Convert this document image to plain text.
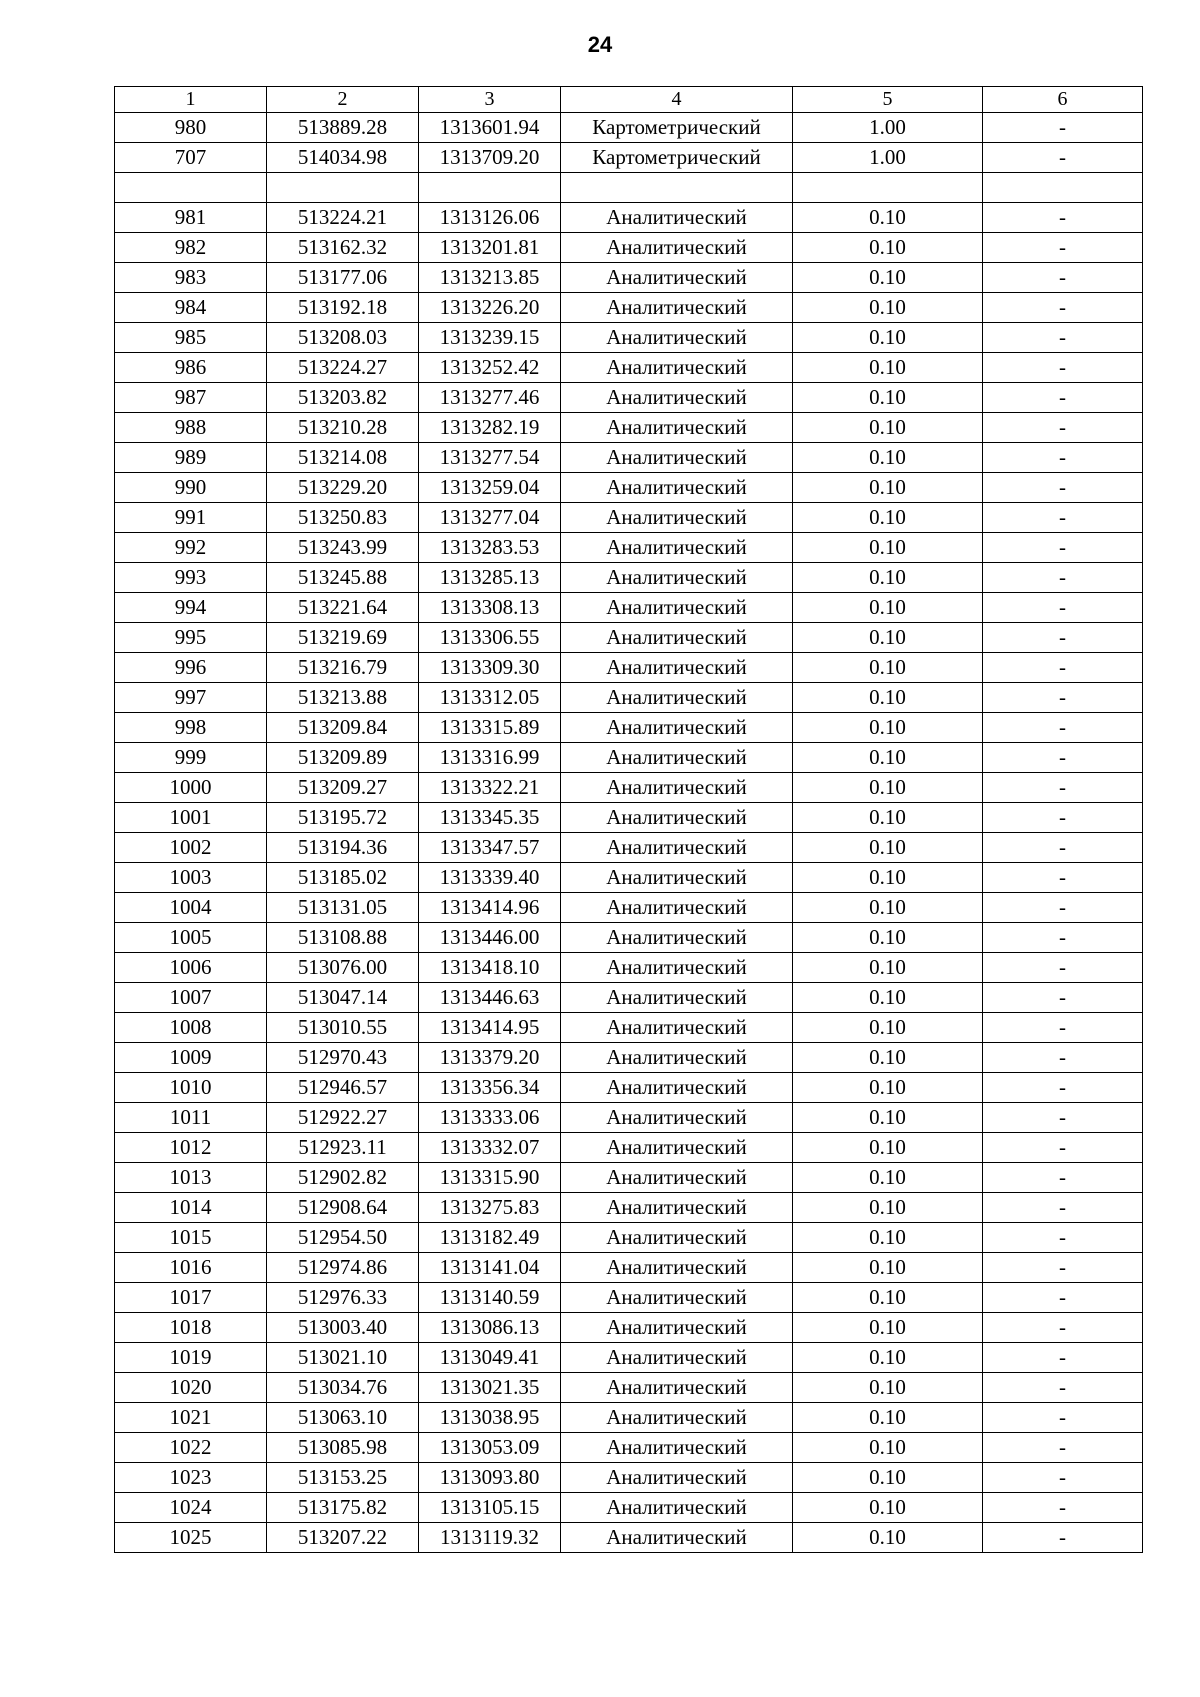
24
1	2	3	4	5	6
980	513889.28	1313601.94	Картометрический	1.00	-
707	514034.98	1313709.20	Картометрический	1.00	-

981	513224.21	1313126.06	Аналитический	0.10	-
982	513162.32	1313201.81	Аналитический	0.10	-
983	513177.06	1313213.85	Аналитический	0.10	-
984	513192.18	1313226.20	Аналитический	0.10	-
985	513208.03	1313239.15	Аналитический	0.10	-
986	513224.27	1313252.42	Аналитический	0.10	-
987	513203.82	1313277.46	Аналитический	0.10	-
988	513210.28	1313282.19	Аналитический	0.10	-
989	513214.08	1313277.54	Аналитический	0.10	-
990	513229.20	1313259.04	Аналитический	0.10	-
991	513250.83	1313277.04	Аналитический	0.10	-
992	513243.99	1313283.53	Аналитический	0.10	-
993	513245.88	1313285.13	Аналитический	0.10	-
994	513221.64	1313308.13	Аналитический	0.10	-
995	513219.69	1313306.55	Аналитический	0.10	-
996	513216.79	1313309.30	Аналитический	0.10	-
997	513213.88	1313312.05	Аналитический	0.10	-
998	513209.84	1313315.89	Аналитический	0.10	-
999	513209.89	1313316.99	Аналитический	0.10	-
1000	513209.27	1313322.21	Аналитический	0.10	-
1001	513195.72	1313345.35	Аналитический	0.10	-
1002	513194.36	1313347.57	Аналитический	0.10	-
1003	513185.02	1313339.40	Аналитический	0.10	-
1004	513131.05	1313414.96	Аналитический	0.10	-
1005	513108.88	1313446.00	Аналитический	0.10	-
1006	513076.00	1313418.10	Аналитический	0.10	-
1007	513047.14	1313446.63	Аналитический	0.10	-
1008	513010.55	1313414.95	Аналитический	0.10	-
1009	512970.43	1313379.20	Аналитический	0.10	-
1010	512946.57	1313356.34	Аналитический	0.10	-
1011	512922.27	1313333.06	Аналитический	0.10	-
1012	512923.11	1313332.07	Аналитический	0.10	-
1013	512902.82	1313315.90	Аналитический	0.10	-
1014	512908.64	1313275.83	Аналитический	0.10	-
1015	512954.50	1313182.49	Аналитический	0.10	-
1016	512974.86	1313141.04	Аналитический	0.10	-
1017	512976.33	1313140.59	Аналитический	0.10	-
1018	513003.40	1313086.13	Аналитический	0.10	-
1019	513021.10	1313049.41	Аналитический	0.10	-
1020	513034.76	1313021.35	Аналитический	0.10	-
1021	513063.10	1313038.95	Аналитический	0.10	-
1022	513085.98	1313053.09	Аналитический	0.10	-
1023	513153.25	1313093.80	Аналитический	0.10	-
1024	513175.82	1313105.15	Аналитический	0.10	-
1025	513207.22	1313119.32	Аналитический	0.10	-
